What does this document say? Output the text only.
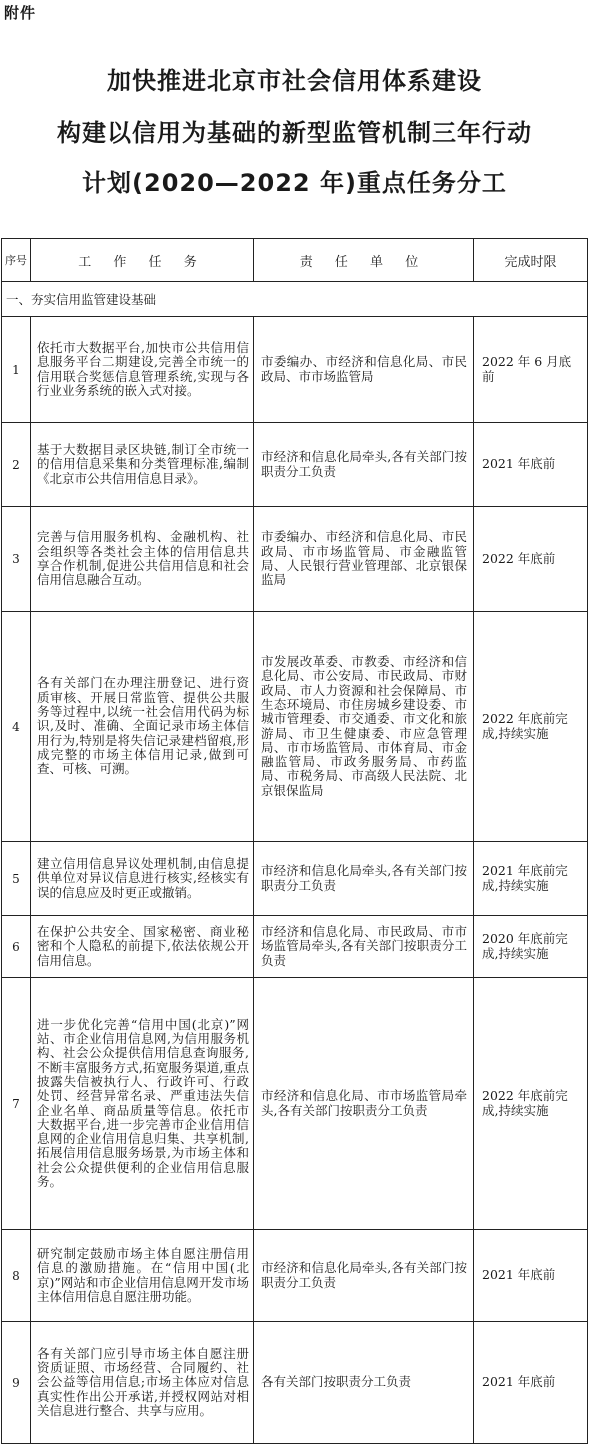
附件
加快推进北京市社会信用体系建设
构建以信用为基础的新型监管机制三年行动
计划(2020—2022 年)重点任务分工
序号	工 作 任 务	责 任 单 位	完成时限
一、夯实信用监管建设基础			
1	依托市大数据平台,加快市公共信用信息服务平台二期建设,完善全市统一的信用联合奖惩信息管理系统,实现与各行业业务系统的嵌入式对接。	市委编办、市经济和信息化局、市民政局、市市场监管局	2022 年 6 月底前
2	基于大数据目录区块链,制订全市统一的信用信息采集和分类管理标准,编制《北京市公共信用信息目录》。	市经济和信息化局牵头,各有关部门按职责分工负责	2021 年底前
3	完善与信用服务机构、金融机构、社会组织等各类社会主体的信用信息共享合作机制,促进公共信用信息和社会信用信息融合互动。	市委编办、市经济和信息化局、市民政局、市市场监管局、市金融监管局、人民银行营业管理部、北京银保监局	2022 年底前
4	各有关部门在办理注册登记、进行资质审核、开展日常监管、提供公共服务等过程中,以统一社会信用代码为标识,及时、准确、全面记录市场主体信用行为,特别是将失信记录建档留痕,形成完整的市场主体信用记录,做到可查、可核、可溯。	市发展改革委、市教委、市经济和信息化局、市公安局、市民政局、市财政局、市人力资源和社会保障局、市生态环境局、市住房城乡建设委、市城市管理委、市交通委、市文化和旅游局、市卫生健康委、市应急管理局、市市场监管局、市体育局、市金融监管局、市政务服务局、市药监局、市税务局、市高级人民法院、北京银保监局	2022 年底前完成,持续实施
5	建立信用信息异议处理机制,由信息提供单位对异议信息进行核实,经核实有误的信息应及时更正或撤销。	市经济和信息化局牵头,各有关部门按职责分工负责	2021 年底前完成,持续实施
6	在保护公共安全、国家秘密、商业秘密和个人隐私的前提下,依法依规公开信用信息。	市经济和信息化局、市民政局、市市场监管局牵头,各有关部门按职责分工负责	2020 年底前完成,持续实施
7	进一步优化完善“信用中国(北京)”网站、市企业信用信息网,为信用服务机构、社会公众提供信用信息查询服务,不断丰富服务方式,拓宽服务渠道,重点披露失信被执行人、行政许可、行政处罚、经营异常名录、严重违法失信企业名单、商品质量等信息。依托市大数据平台,进一步完善市企业信用信息网的企业信用信息归集、共享机制,拓展信用信息服务场景,为市场主体和社会公众提供便利的企业信用信息服务。	市经济和信息化局、市市场监管局牵头,各有关部门按职责分工负责	2022 年底前完成,持续实施
8	研究制定鼓励市场主体自愿注册信用信息的激励措施。在“信用中国(北京)”网站和市企业信用信息网开发市场主体信用信息自愿注册功能。	市经济和信息化局牵头,各有关部门按职责分工负责	2021 年底前
9	各有关部门应引导市场主体自愿注册资质证照、市场经营、合同履约、社会公益等信用信息;市场主体应对信息真实性作出公开承诺,并授权网站对相关信息进行整合、共享与应用。	各有关部门按职责分工负责	2021 年底前
